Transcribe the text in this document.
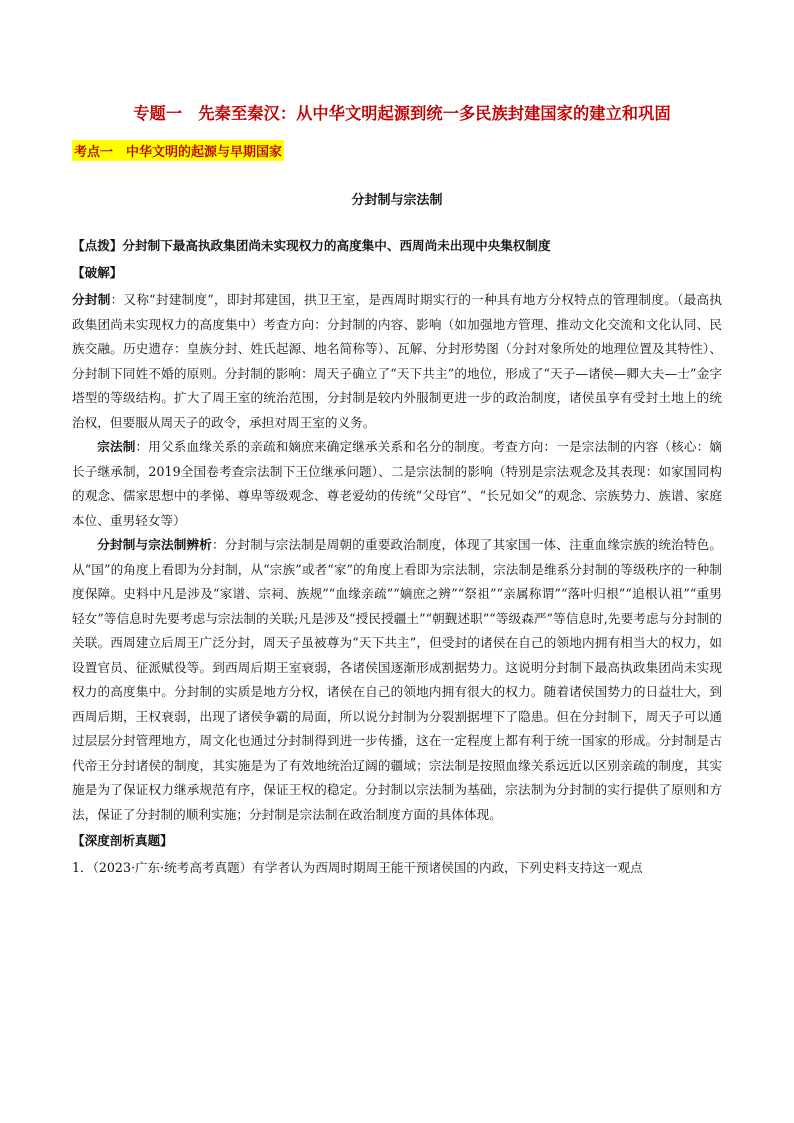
专题一　先秦至秦汉：从中华文明起源到统一多民族封建国家的建立和巩固
考点一　中华文明的起源与早期国家
分封制与宗法制
【点拨】分封制下最高执政集团尚未实现权力的高度集中、西周尚未出现中央集权制度
【破解】

分封制：又称“封建制度”，即封邦建国，拱卫王室，是西周时期实行的一种具有地方分权特点的管理制度。（最高执政集团尚未实现权力的高度集中）考查方向：分封制的内容、影响（如加强地方管理、推动文化交流和文化认同、民族交融。历史遗存：皇族分封、姓氏起源、地名简称等）、瓦解、分封形势图（分封对象所处的地理位置及其特性）、分封制下同姓不婚的原则。分封制的影响：周天子确立了“天下共主”的地位，形成了“天子—诸侯—卿大夫—士”金字塔型的等级结构。扩大了周王室的统治范围，分封制是较内外服制更进一步的政治制度，诸侯虽享有受封土地上的统治权，但要服从周天子的政令，承担对周王室的义务。

宗法制：用父系血缘关系的亲疏和嫡庶来确定继承关系和名分的制度。考查方向：一是宗法制的内容（核心：嫡长子继承制，2019全国卷考查宗法制下王位继承问题）、二是宗法制的影响（特别是宗法观念及其表现：如家国同构的观念、儒家思想中的孝悌、尊卑等级观念、尊老爱幼的传统“父母官”、“长兄如父”的观念、宗族势力、族谱、家庭本位、重男轻女等）

分封制与宗法制辨析：分封制与宗法制是周朝的重要政治制度，体现了其家国一体、注重血缘宗族的统治特色。从“国”的角度上看即为分封制，从“宗族”或者“家”的角度上看即为宗法制，宗法制是维系分封制的等级秩序的一种制度保障。史料中凡是涉及“家谱、宗祠、族规”“血缘亲疏”“嫡庶之辨”“祭祖”“亲属称谓”“落叶归根”“追根认祖”“重男轻女”等信息时先要考虑与宗法制的关联;凡是涉及“授民授疆土”“朝觐述职”“等级森严”等信息时,先要考虑与分封制的关联。西周建立后周王广泛分封，周天子虽被尊为“天下共主”，但受封的诸侯在自己的领地内拥有相当大的权力，如设置官员、征派赋役等。到西周后期王室衰弱，各诸侯国逐渐形成割据势力。这说明分封制下最高执政集团尚未实现权力的高度集中。分封制的实质是地方分权，诸侯在自己的领地内拥有很大的权力。随着诸侯国势力的日益壮大，到西周后期，王权衰弱，出现了诸侯争霸的局面，所以说分封制为分裂割据埋下了隐患。但在分封制下，周天子可以通过层层分封管理地方，周文化也通过分封制得到进一步传播，这在一定程度上都有利于统一国家的形成。分封制是古代帝王分封诸侯的制度，其实施是为了有效地统治辽阔的疆域；宗法制是按照血缘关系远近以区别亲疏的制度，其实施是为了保证权力继承规范有序，保证王权的稳定。分封制以宗法制为基础，宗法制为分封制的实行提供了原则和方法，保证了分封制的顺利实施；分封制是宗法制在政治制度方面的具体体现。

【深度剖析真题】
1．（2023·广东·统考高考真题）有学者认为西周时期周王能干预诸侯国的内政，下列史料支持这一观点
